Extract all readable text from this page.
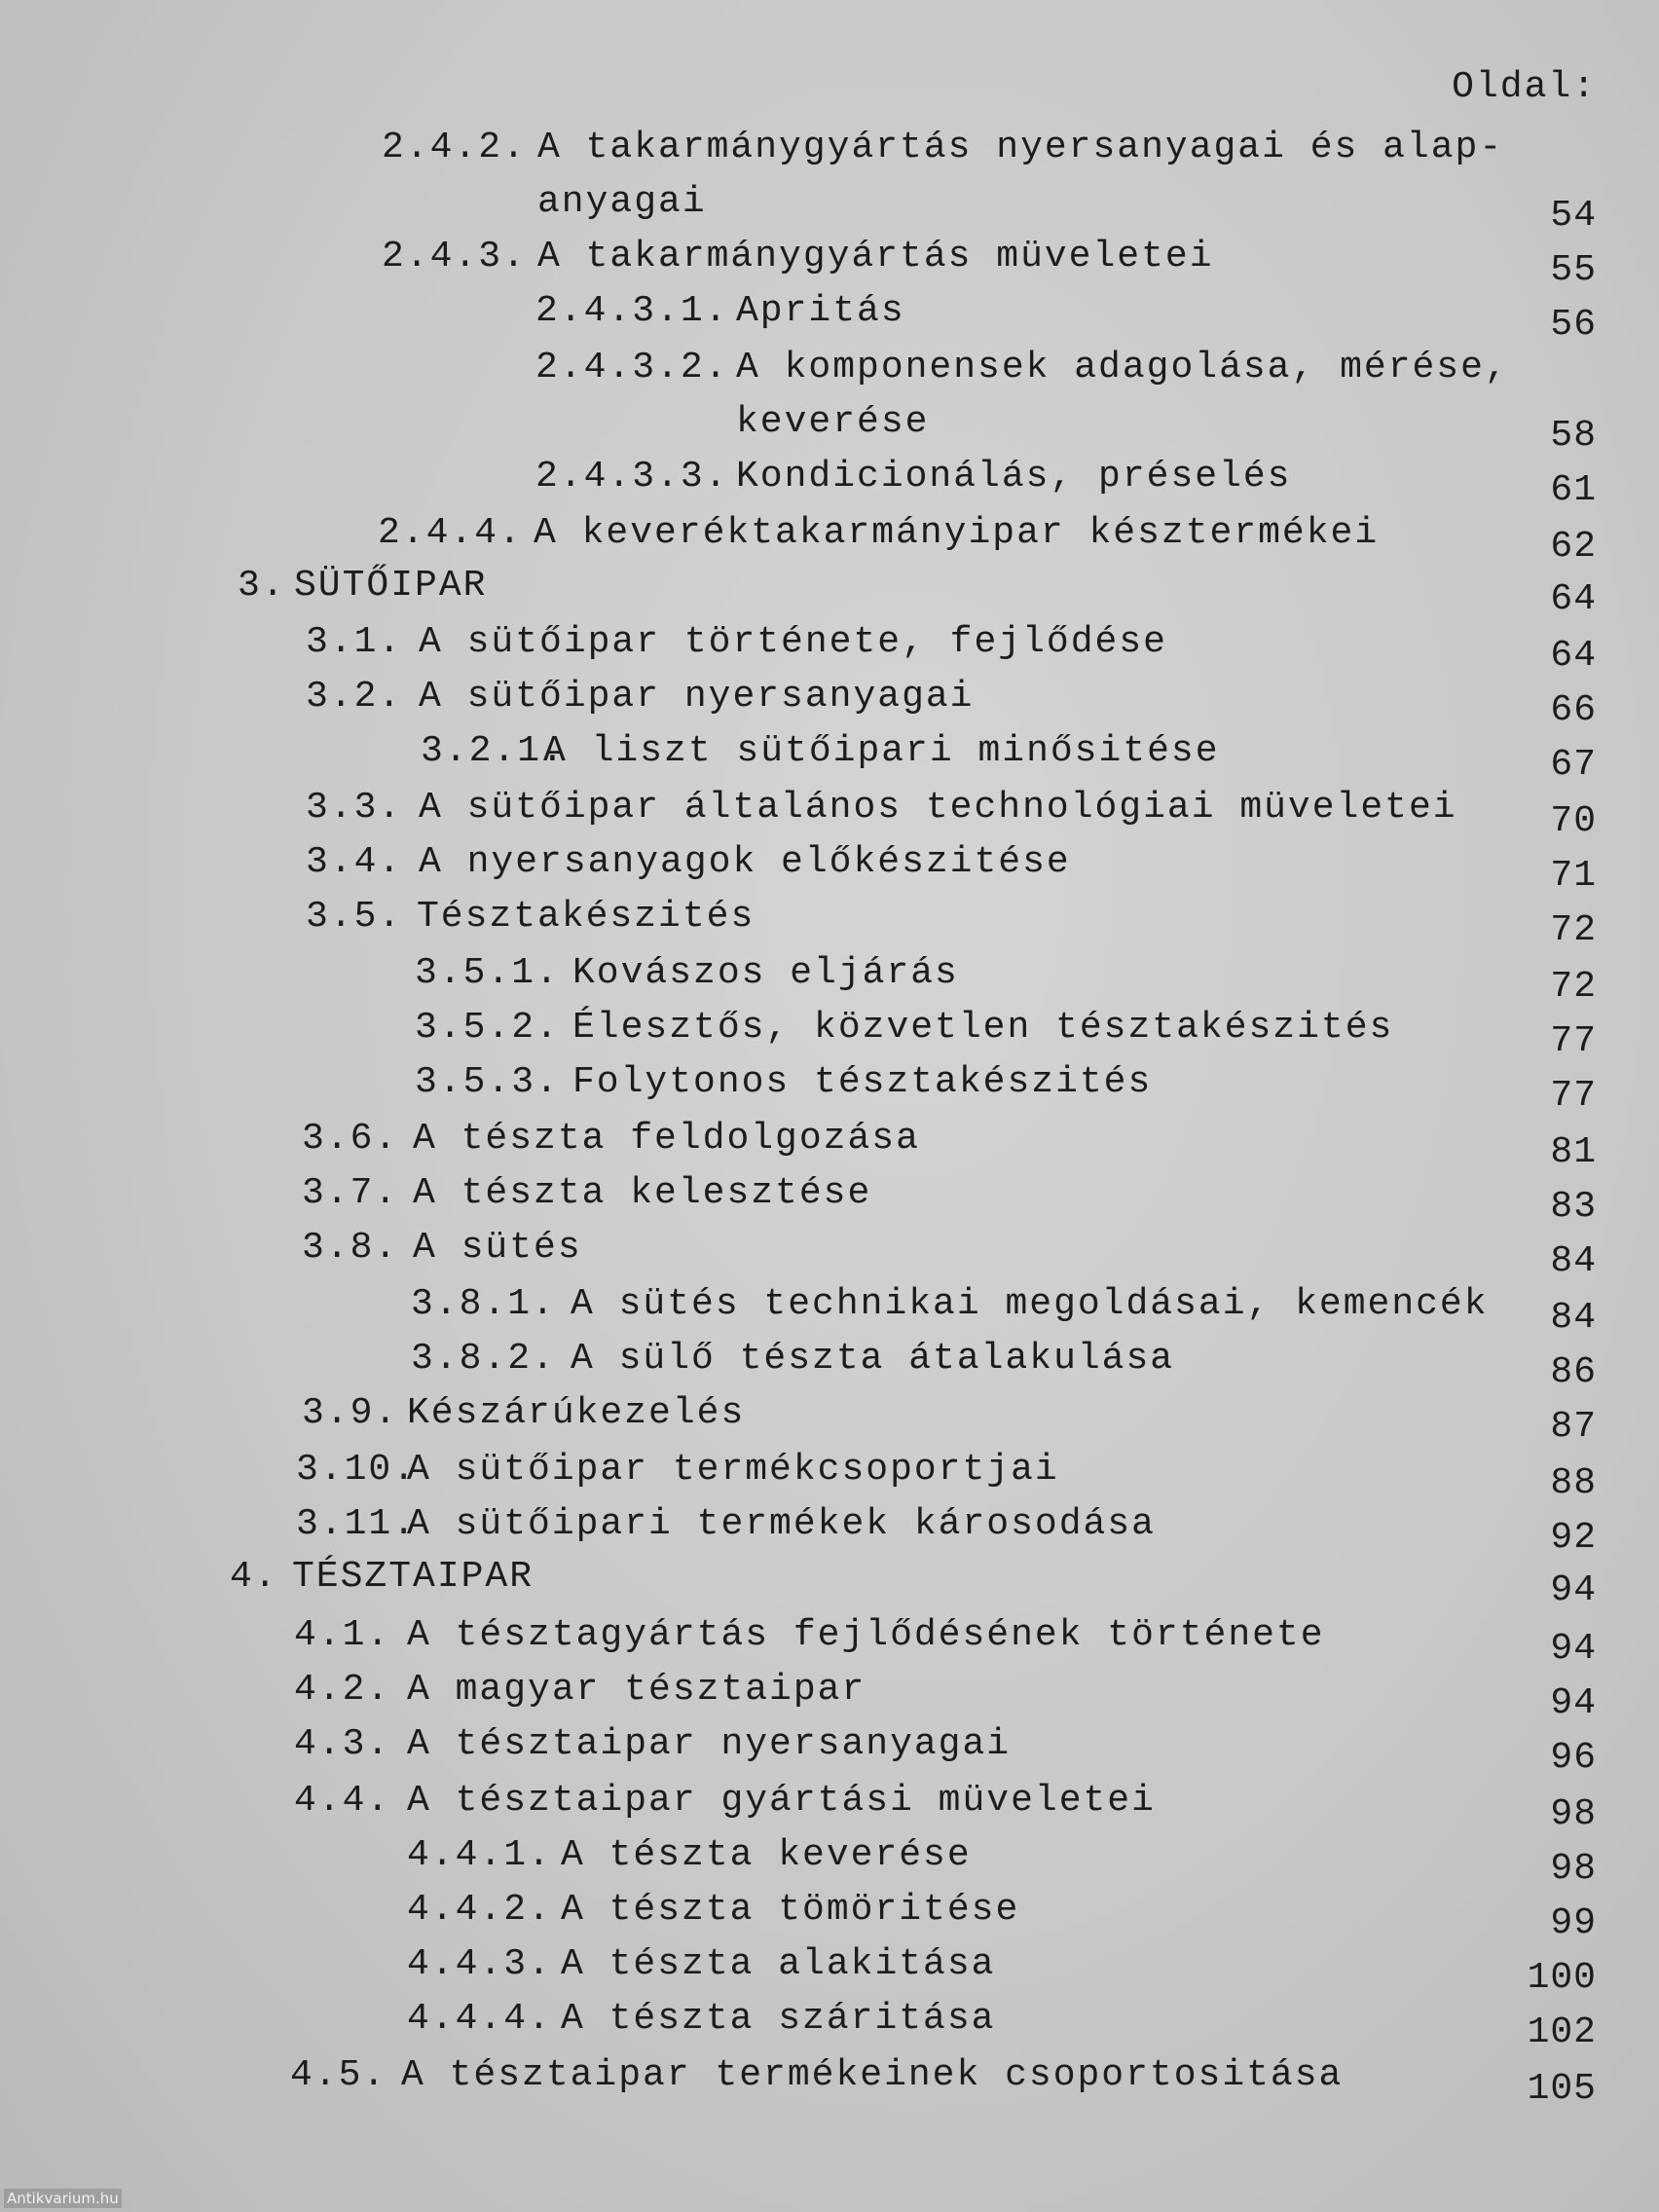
Oldal:
2.4.2. A takarmánygyártás nyersanyagai és alap-
anyagai	54
2.4.3. A takarmánygyártás müveletei	55
2.4.3.1. Apritás	56
2.4.3.2. A komponensek adagolása, mérése,
keverése	58
2.4.3.3. Kondicionálás, préselés	61
2.4.4. A keveréktakarmányipar késztermékei	62
3. SÜTŐIPAR	64
3.1. A sütőipar története, fejlődése	64
3.2. A sütőipar nyersanyagai	66
3.2.1.
A liszt sütőipari minősitése	67
3.3. A sütőipar általános technológiai müveletei	70
3.4. A nyersanyagok előkészitése	71
3.5. Tésztakészités	72
3.5.1. Kovászos eljárás	72
3.5.2. Élesztős, közvetlen tésztakészités	77
3.5.3. Folytonos tésztakészités	77
3.6. A tészta feldolgozása	81
3.7. A tészta kelesztése	83
3.8. A sütés	84
3.8.1. A sütés technikai megoldásai, kemencék 84
3.8.2. A sülő tészta átalakulása	86
3.9. Készárúkezelés	87
3.10.
A sütőipar termékcsoportjai	88
3.11.
A sütőipari termékek károsodása	92
4. TÉSZTAIPAR	94
4.1. A tésztagyártás fejlődésének története	94
4.2. A magyar tésztaipar	94
4.3. A tésztaipar nyersanyagai	96
4.4. A tésztaipar gyártási müveletei	98
4.4.1. A tészta keverése	98
4.4.2. A tészta tömöritése	99
4.4.3. A tészta alakitása	100
4.4.4. A tészta száritása	102
4.5. A tésztaipar termékeinek csoportositása	105
Antikvarium.hu
